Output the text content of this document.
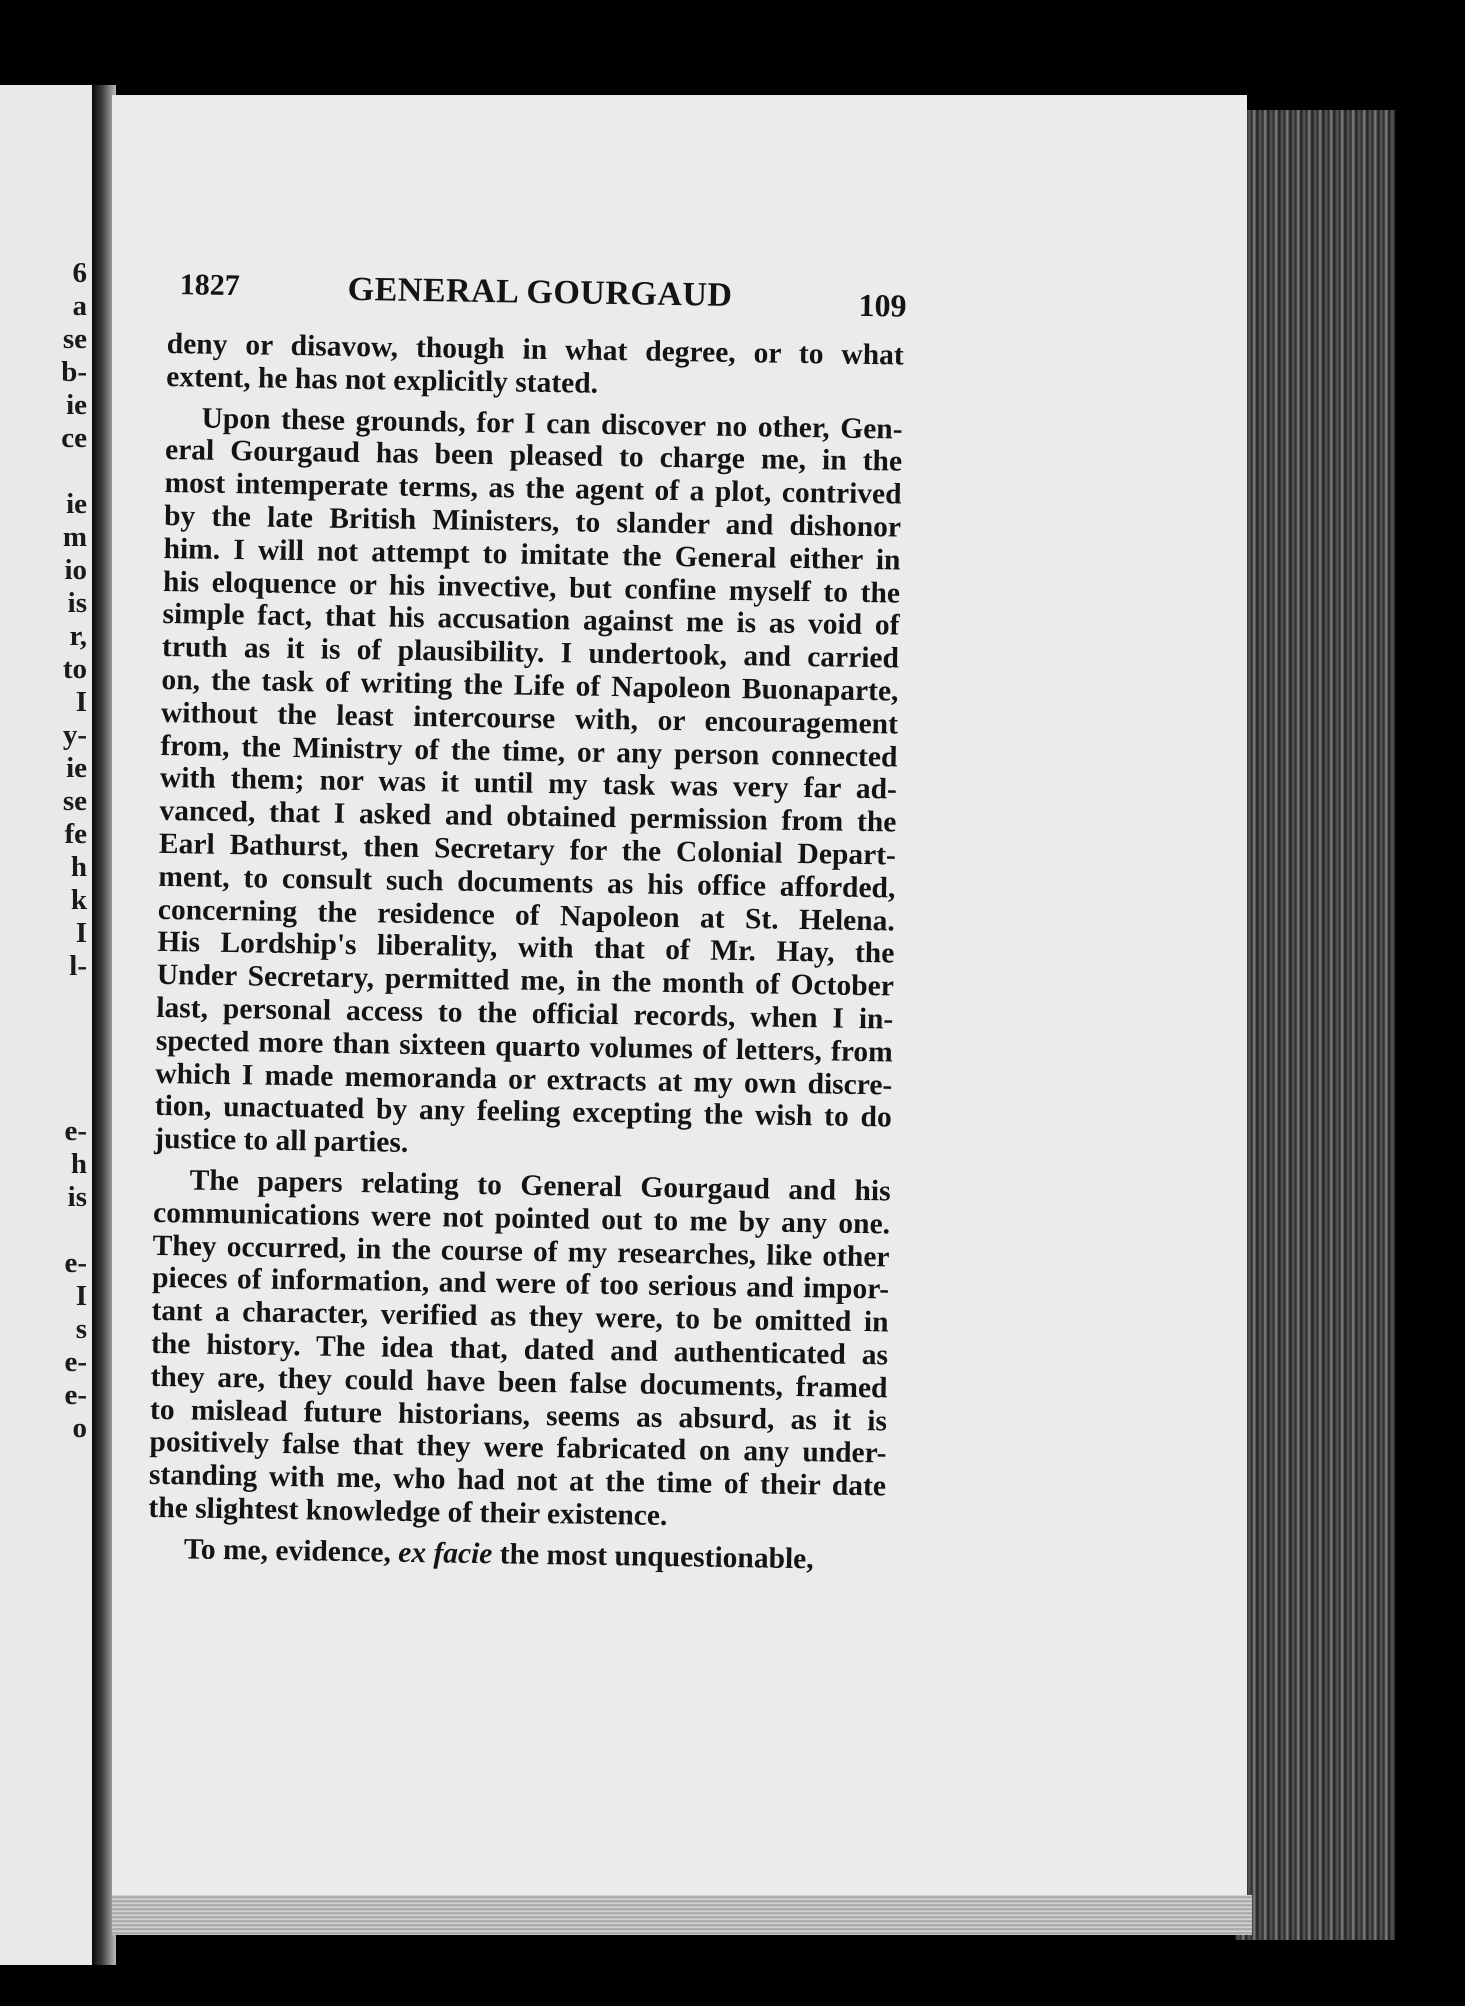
6
a
se
b-
ie
ce
ie
m
io
is
r,
to
I
y-
ie
se
fe
h
k
I
l-
e-
h
is
e-
I
s
e-
e-
o
1827	GENERAL GOURGAUD	109
deny or disavow, though in what degree, or to what
extent, he has not explicitly stated.
Upon these grounds, for I can discover no other, Gen-
eral Gourgaud has been pleased to charge me, in the
most intemperate terms, as the agent of a plot, contrived
by the late British Ministers, to slander and dishonor
him. I will not attempt to imitate the General either in
his eloquence or his invective, but confine myself to the
simple fact, that his accusation against me is as void of
truth as it is of plausibility. I undertook, and carried
on, the task of writing the Life of Napoleon Buonaparte,
without the least intercourse with, or encouragement
from, the Ministry of the time, or any person connected
with them; nor was it until my task was very far ad-
vanced, that I asked and obtained permission from the
Earl Bathurst, then Secretary for the Colonial Depart-
ment, to consult such documents as his office afforded,
concerning the residence of Napoleon at St. Helena.
His Lordship's liberality, with that of Mr. Hay, the
Under Secretary, permitted me, in the month of October
last, personal access to the official records, when I in-
spected more than sixteen quarto volumes of letters, from
which I made memoranda or extracts at my own discre-
tion, unactuated by any feeling excepting the wish to do
justice to all parties.
The papers relating to General Gourgaud and his
communications were not pointed out to me by any one.
They occurred, in the course of my researches, like other
pieces of information, and were of too serious and impor-
tant a character, verified as they were, to be omitted in
the history. The idea that, dated and authenticated as
they are, they could have been false documents, framed
to mislead future historians, seems as absurd, as it is
positively false that they were fabricated on any under-
standing with me, who had not at the time of their date
the slightest knowledge of their existence.
To me, evidence, ex facie the most unquestionable,
